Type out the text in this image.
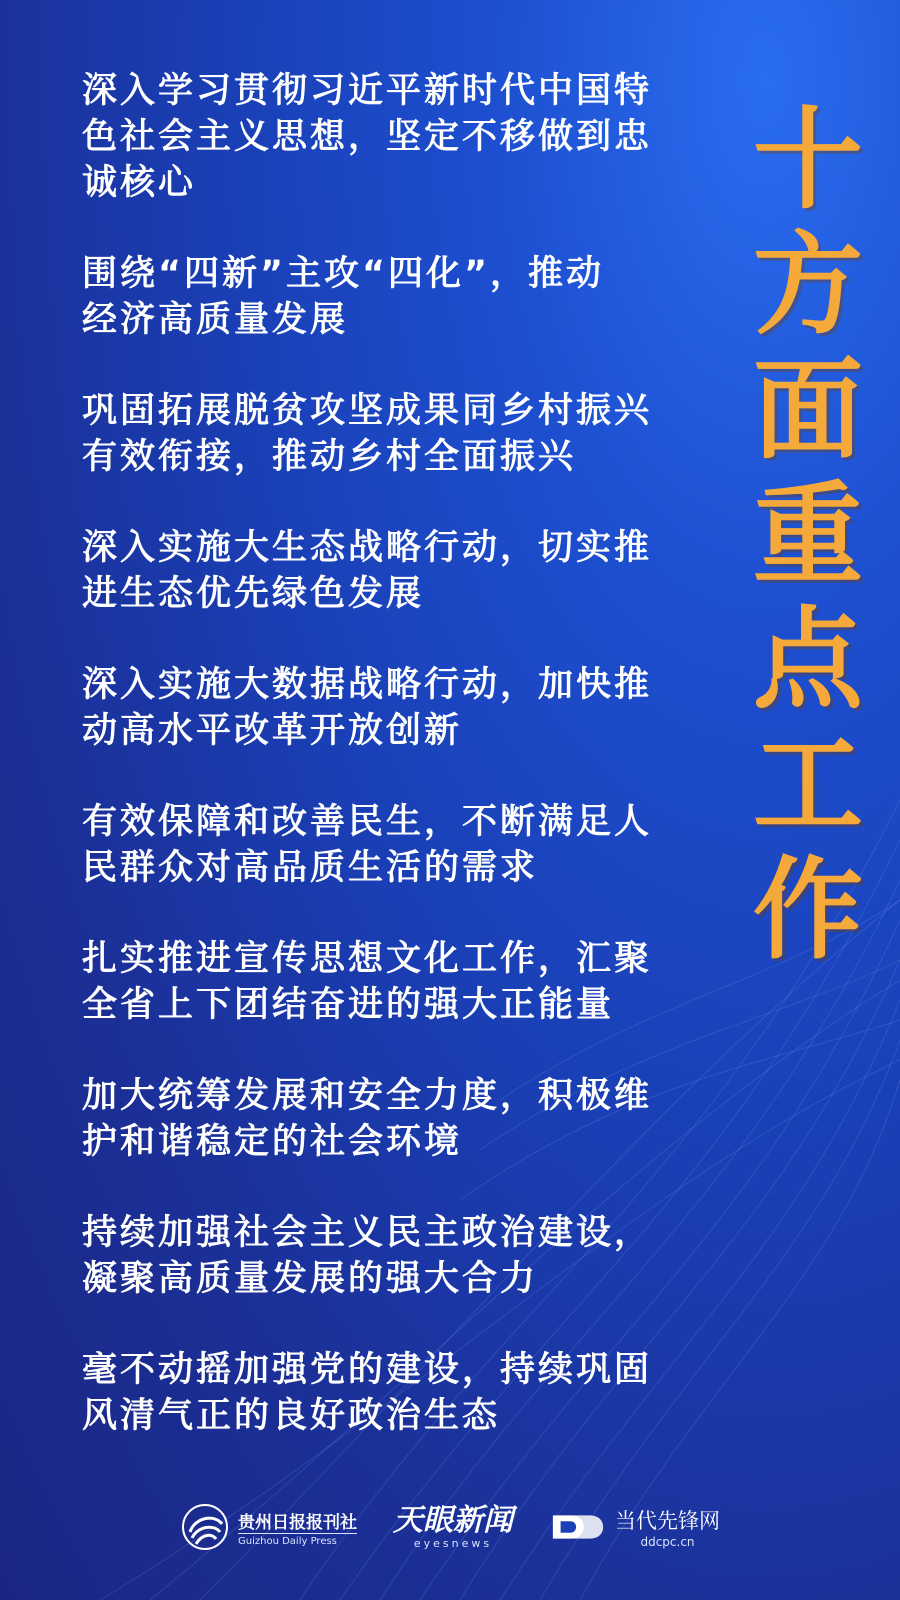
深入学习贯彻习近平新时代中国特
色社会主义思想，坚定不移做到忠
诚核心
围绕“四新”主攻“四化”，推动
经济高质量发展
巩固拓展脱贫攻坚成果同乡村振兴
有效衔接，推动乡村全面振兴
深入实施大生态战略行动，切实推
进生态优先绿色发展
深入实施大数据战略行动，加快推
动高水平改革开放创新
有效保障和改善民生，不断满足人
民群众对高品质生活的需求
扎实推进宣传思想文化工作，汇聚
全省上下团结奋进的强大正能量
加大统筹发展和安全力度，积极维
护和谐稳定的社会环境
持续加强社会主义民主政治建设，
凝聚高质量发展的强大合力
毫不动摇加强党的建设，持续巩固
风清气正的良好政治生态
十
方
面
重
点
工
作
贵州日报报刊社
Guizhou Daily Press
天眼新闻
eyesnews
当代先锋网
ddcpc.cn
